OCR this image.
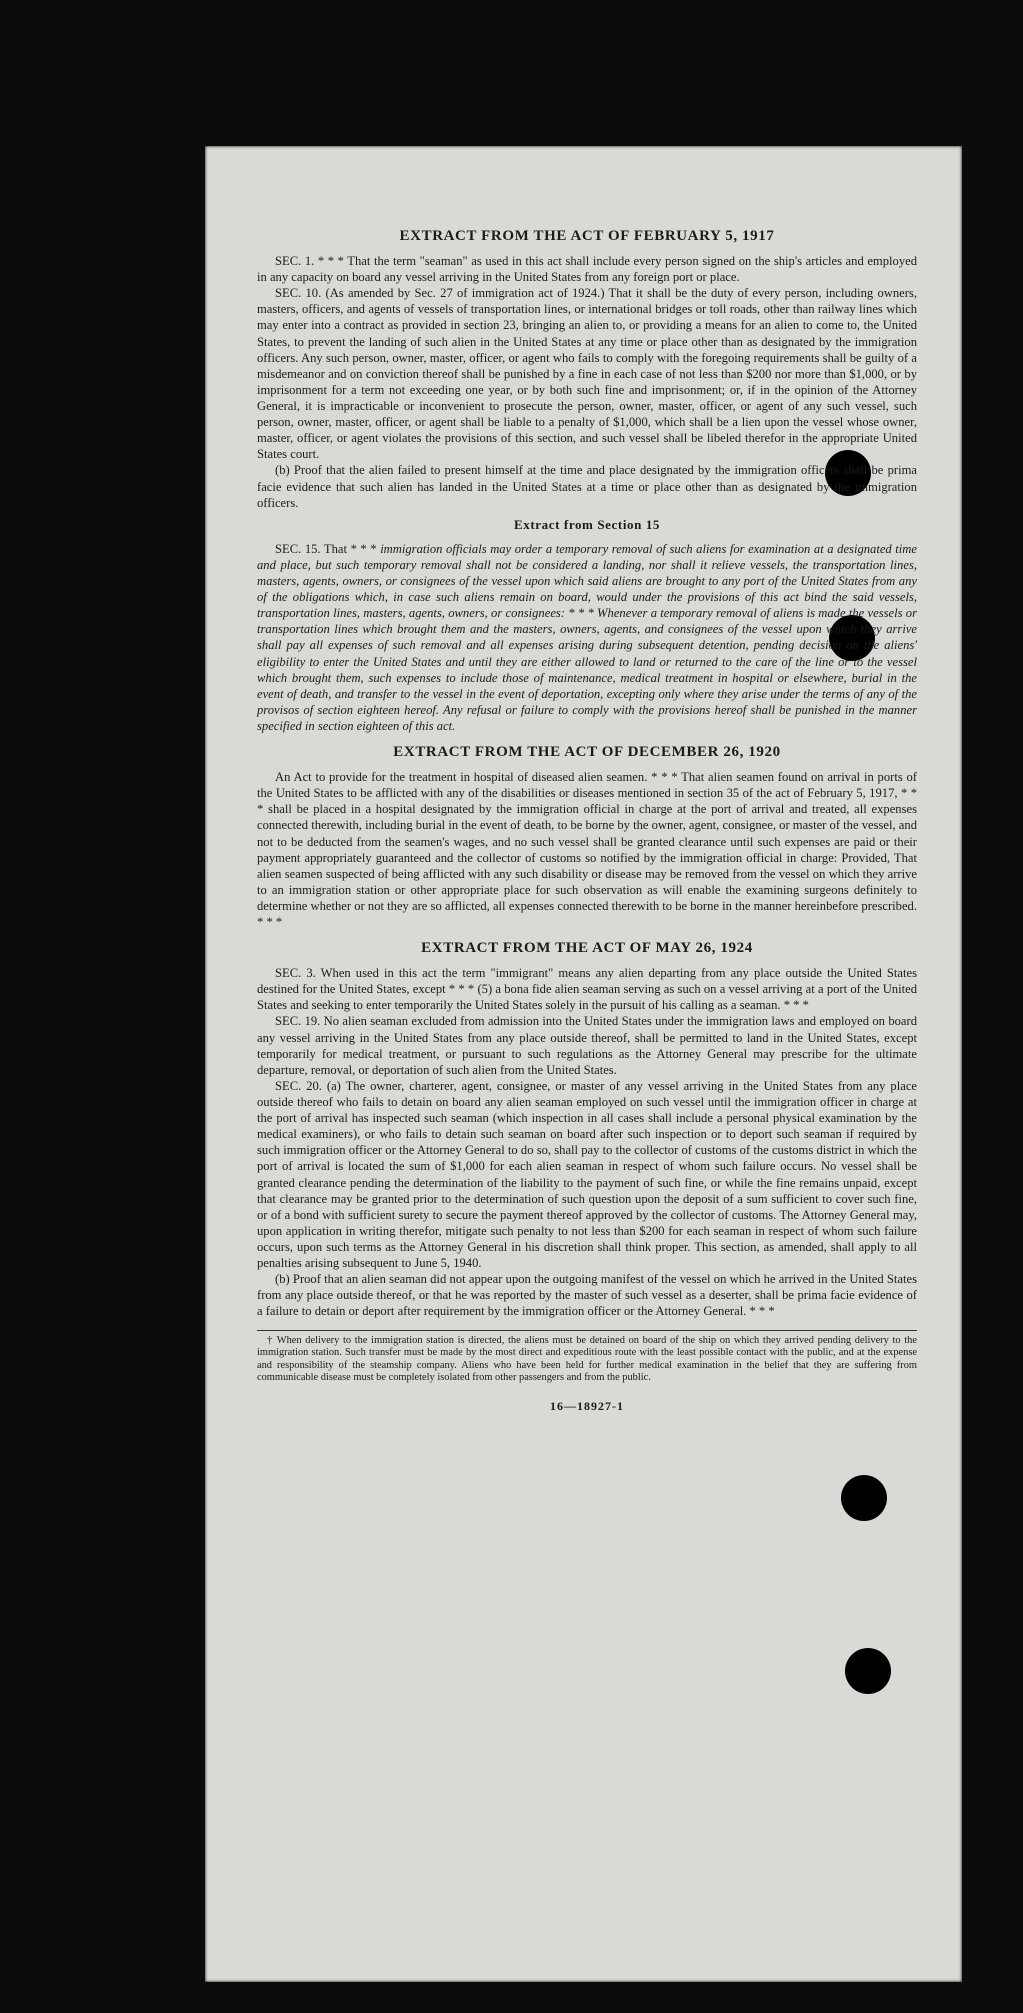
EXTRACT FROM THE ACT OF FEBRUARY 5, 1917

SEC. 1. * * * That the term "seaman" as used in this act shall include every person signed on the ship's articles and employed in any capacity on board any vessel arriving in the United States from any foreign port or place.

SEC. 10. (As amended by Sec. 27 of immigration act of 1924.) That it shall be the duty of every person, including owners, masters, officers, and agents of vessels of transportation lines, or international bridges or toll roads, other than railway lines which may enter into a contract as provided in section 23, bringing an alien to, or providing a means for an alien to come to, the United States, to prevent the landing of such alien in the United States at any time or place other than as designated by the immigration officers. Any such person, owner, master, officer, or agent who fails to comply with the foregoing requirements shall be guilty of a misdemeanor and on conviction thereof shall be punished by a fine in each case of not less than $200 nor more than $1,000, or by imprisonment for a term not exceeding one year, or by both such fine and imprisonment; or, if in the opinion of the Attorney General, it is impracticable or inconvenient to prosecute the person, owner, master, officer, or agent of any such vessel, such person, owner, master, officer, or agent shall be liable to a penalty of $1,000, which shall be a lien upon the vessel whose owner, master, officer, or agent violates the provisions of this section, and such vessel shall be libeled therefor in the appropriate United States court.

(b) Proof that the alien failed to present himself at the time and place designated by the immigration officers shall be prima facie evidence that such alien has landed in the United States at a time or place other than as designated by the immigration officers.

Extract from Section 15

SEC. 15. That * * * immigration officials may order a temporary removal of such aliens for examination at a designated time and place, but such temporary removal shall not be considered a landing, nor shall it relieve vessels, the transportation lines, masters, agents, owners, or consignees of the vessel upon which said aliens are brought to any port of the United States from any of the obligations which, in case such aliens remain on board, would under the provisions of this act bind the said vessels, transportation lines, masters, agents, owners, or consignees: * * * Whenever a temporary removal of aliens is made the vessels or transportation lines which brought them and the masters, owners, agents, and consignees of the vessel upon which they arrive shall pay all expenses of such removal and all expenses arising during subsequent detention, pending decision on the aliens' eligibility to enter the United States and until they are either allowed to land or returned to the care of the line or to the vessel which brought them, such expenses to include those of maintenance, medical treatment in hospital or elsewhere, burial in the event of death, and transfer to the vessel in the event of deportation, excepting only where they arise under the terms of any of the provisos of section eighteen hereof. Any refusal or failure to comply with the provisions hereof shall be punished in the manner specified in section eighteen of this act.

EXTRACT FROM THE ACT OF DECEMBER 26, 1920

An Act to provide for the treatment in hospital of diseased alien seamen. * * * That alien seamen found on arrival in ports of the United States to be afflicted with any of the disabilities or diseases mentioned in section 35 of the act of February 5, 1917, * * * shall be placed in a hospital designated by the immigration official in charge at the port of arrival and treated, all expenses connected therewith, including burial in the event of death, to be borne by the owner, agent, consignee, or master of the vessel, and not to be deducted from the seamen's wages, and no such vessel shall be granted clearance until such expenses are paid or their payment appropriately guaranteed and the collector of customs so notified by the immigration official in charge: Provided, That alien seamen suspected of being afflicted with any such disability or disease may be removed from the vessel on which they arrive to an immigration station or other appropriate place for such observation as will enable the examining surgeons definitely to determine whether or not they are so afflicted, all expenses connected therewith to be borne in the manner hereinbefore prescribed. * * *

EXTRACT FROM THE ACT OF MAY 26, 1924

SEC. 3. When used in this act the term "immigrant" means any alien departing from any place outside the United States destined for the United States, except * * * (5) a bona fide alien seaman serving as such on a vessel arriving at a port of the United States and seeking to enter temporarily the United States solely in the pursuit of his calling as a seaman. * * *

SEC. 19. No alien seaman excluded from admission into the United States under the immigration laws and employed on board any vessel arriving in the United States from any place outside thereof, shall be permitted to land in the United States, except temporarily for medical treatment, or pursuant to such regulations as the Attorney General may prescribe for the ultimate departure, removal, or deportation of such alien from the United States.

SEC. 20. (a) The owner, charterer, agent, consignee, or master of any vessel arriving in the United States from any place outside thereof who fails to detain on board any alien seaman employed on such vessel until the immigration officer in charge at the port of arrival has inspected such seaman (which inspection in all cases shall include a personal physical examination by the medical examiners), or who fails to detain such seaman on board after such inspection or to deport such seaman if required by such immigration officer or the Attorney General to do so, shall pay to the collector of customs of the customs district in which the port of arrival is located the sum of $1,000 for each alien seaman in respect of whom such failure occurs. No vessel shall be granted clearance pending the determination of the liability to the payment of such fine, or while the fine remains unpaid, except that clearance may be granted prior to the determination of such question upon the deposit of a sum sufficient to cover such fine, or of a bond with sufficient surety to secure the payment thereof approved by the collector of customs. The Attorney General may, upon application in writing therefor, mitigate such penalty to not less than $200 for each seaman in respect of whom such failure occurs, upon such terms as the Attorney General in his discretion shall think proper. This section, as amended, shall apply to all penalties arising subsequent to June 5, 1940.

(b) Proof that an alien seaman did not appear upon the outgoing manifest of the vessel on which he arrived in the United States from any place outside thereof, or that he was reported by the master of such vessel as a deserter, shall be prima facie evidence of a failure to detain or deport after requirement by the immigration officer or the Attorney General. * * *

† When delivery to the immigration station is directed, the aliens must be detained on board of the ship on which they arrived pending delivery to the immigration station. Such transfer must be made by the most direct and expeditious route with the least possible contact with the public, and at the expense and responsibility of the steamship company. Aliens who have been held for further medical examination in the belief that they are suffering from communicable disease must be completely isolated from other passengers and from the public.
16—18927-1
